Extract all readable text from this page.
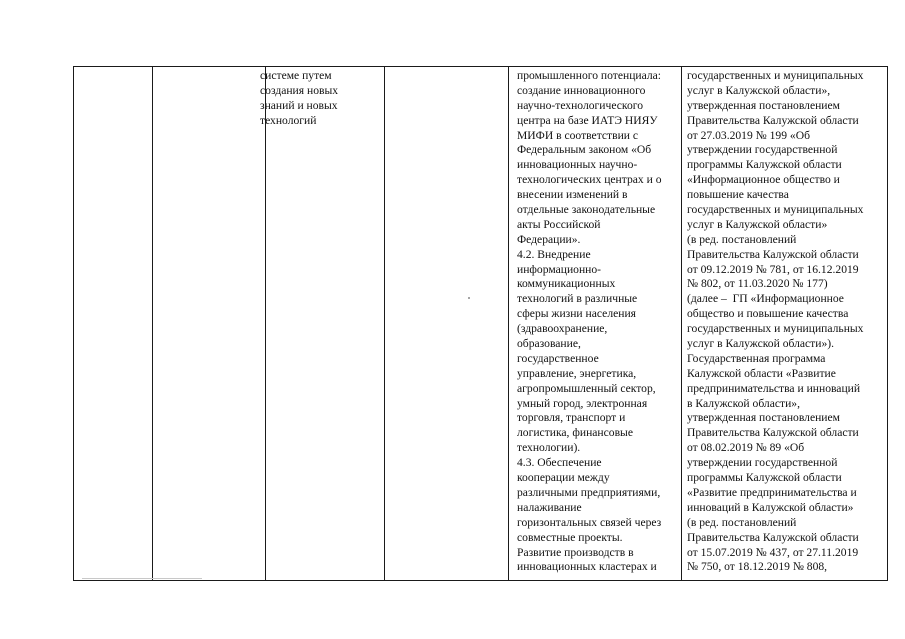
системе путем
создания новых
знаний и новых
технологий
промышленного потенциала:
создание инновационного
научно-технологического
центра на базе ИАТЭ НИЯУ
МИФИ в соответствии с
Федеральным законом «Об
инновационных научно-
технологических центрах и о
внесении изменений в
отдельные законодательные
акты Российской
Федерации».
4.2. Внедрение
информационно-
коммуникационных
технологий в различные
сферы жизни населения
(здравоохранение,
образование,
государственное
управление, энергетика,
агропромышленный сектор,
умный город, электронная
торговля, транспорт и
логистика, финансовые
технологии).
4.3. Обеспечение
кооперации между
различными предприятиями,
налаживание
горизонтальных связей через
совместные проекты.
Развитие производств в
инновационных кластерах и
государственных и муниципальных
услуг в Калужской области»,
утвержденная постановлением
Правительства Калужской области
от 27.03.2019 № 199 «Об
утверждении государственной
программы Калужской области
«Информационное общество и
повышение качества
государственных и муниципальных
услуг в Калужской области»
(в ред. постановлений
Правительства Калужской области
от 09.12.2019 № 781, от 16.12.2019
№ 802, от 11.03.2020 № 177)
(далее –  ГП «Информационное
общество и повышение качества
государственных и муниципальных
услуг в Калужской области»).
Государственная программа
Калужской области «Развитие
предпринимательства и инноваций
в Калужской области»,
утвержденная постановлением
Правительства Калужской области
от 08.02.2019 № 89 «Об
утверждении государственной
программы Калужской области
«Развитие предпринимательства и
инноваций в Калужской области»
(в ред. постановлений
Правительства Калужской области
от 15.07.2019 № 437, от 27.11.2019
№ 750, от 18.12.2019 № 808,
